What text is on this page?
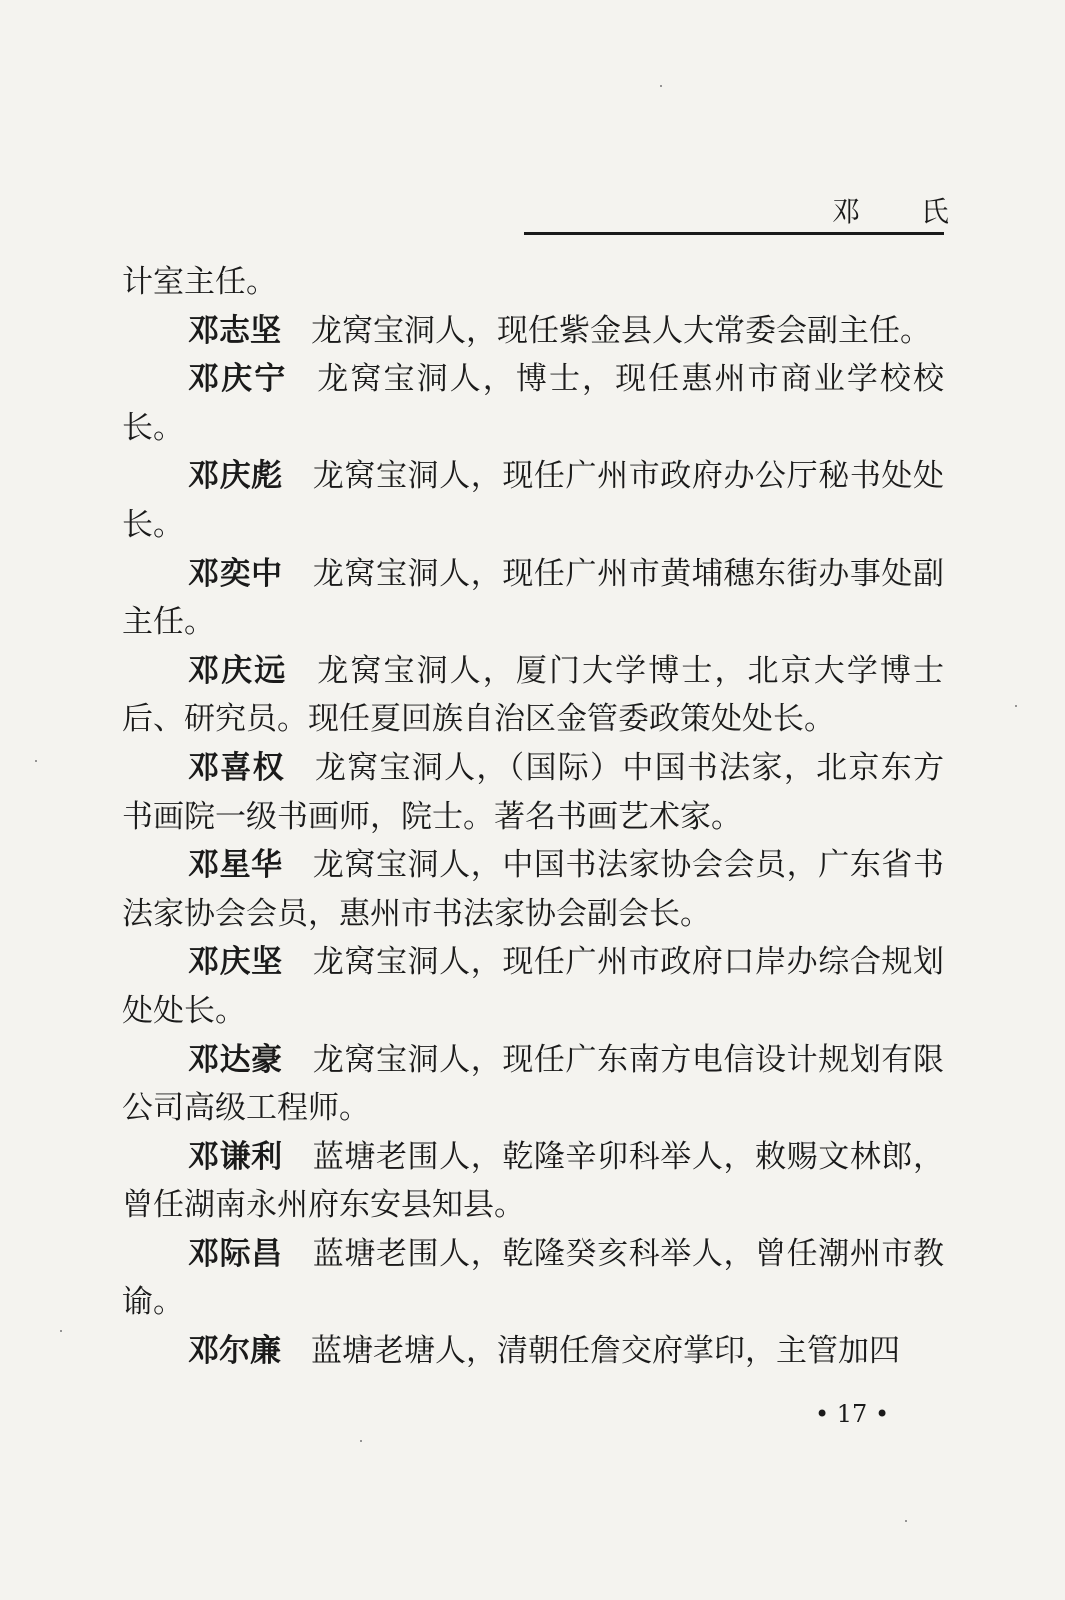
邓 氏

计室主任。

邓志坚 龙窝宝洞人，现任紫金县人大常委会副主任。

邓庆宁 龙窝宝洞人，博士，现任惠州市商业学校校长。

邓庆彪 龙窝宝洞人，现任广州市政府办公厅秘书处处长。

邓奕中 龙窝宝洞人，现任广州市黄埔穗东街办事处副主任。

邓庆远 龙窝宝洞人，厦门大学博士，北京大学博士后、研究员。现任夏回族自治区金管委政策处处长。

邓喜权 龙窝宝洞人，（国际）中国书法家，北京东方书画院一级书画师，院士。著名书画艺术家。

邓星华 龙窝宝洞人，中国书法家协会会员，广东省书法家协会会员，惠州市书法家协会副会长。

邓庆坚 龙窝宝洞人，现任广州市政府口岸办综合规划处处长。

邓达豪 龙窝宝洞人，现任广东南方电信设计规划有限公司高级工程师。

邓谦利 蓝塘老围人，乾隆辛卯科举人，敕赐文林郎，曾任湖南永州府东安县知县。

邓际昌 蓝塘老围人，乾隆癸亥科举人，曾任潮州市教谕。

邓尔廉 蓝塘老塘人，清朝任詹交府掌印，主管加四

• 17 •
